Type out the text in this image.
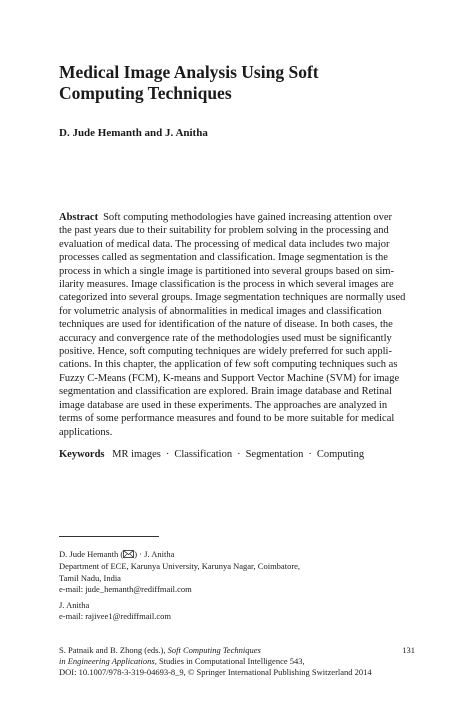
Medical Image Analysis Using Soft
Computing Techniques
D. Jude Hemanth and J. Anitha
Abstract Soft computing methodologies have gained increasing attention over
the past years due to their suitability for problem solving in the processing and
evaluation of medical data. The processing of medical data includes two major
processes called as segmentation and classification. Image segmentation is the
process in which a single image is partitioned into several groups based on sim-
ilarity measures. Image classification is the process in which several images are
categorized into several groups. Image segmentation techniques are normally used
for volumetric analysis of abnormalities in medical images and classification
techniques are used for identification of the nature of disease. In both cases, the
accuracy and convergence rate of the methodologies used must be significantly
positive. Hence, soft computing techniques are widely preferred for such appli-
cations. In this chapter, the application of few soft computing techniques such as
Fuzzy C-Means (FCM), K-means and Support Vector Machine (SVM) for image
segmentation and classification are explored. Brain image database and Retinal
image database are used in these experiments. The approaches are analyzed in
terms of some performance measures and found to be more suitable for medical
applications.
Keywords MR images · Classification · Segmentation · Computing
D. Jude Hemanth ( ) · J. Anitha
Department of ECE, Karunya University, Karunya Nagar, Coimbatore,
Tamil Nadu, India
e-mail: jude_hemanth@rediffmail.com
J. Anitha
e-mail: rajivee1@rediffmail.com
S. Patnaik and B. Zhong (eds.), Soft Computing Techniques
in Engineering Applications, Studies in Computational Intelligence 543,
DOI: 10.1007/978-3-319-04693-8_9, © Springer International Publishing Switzerland 2014
131
